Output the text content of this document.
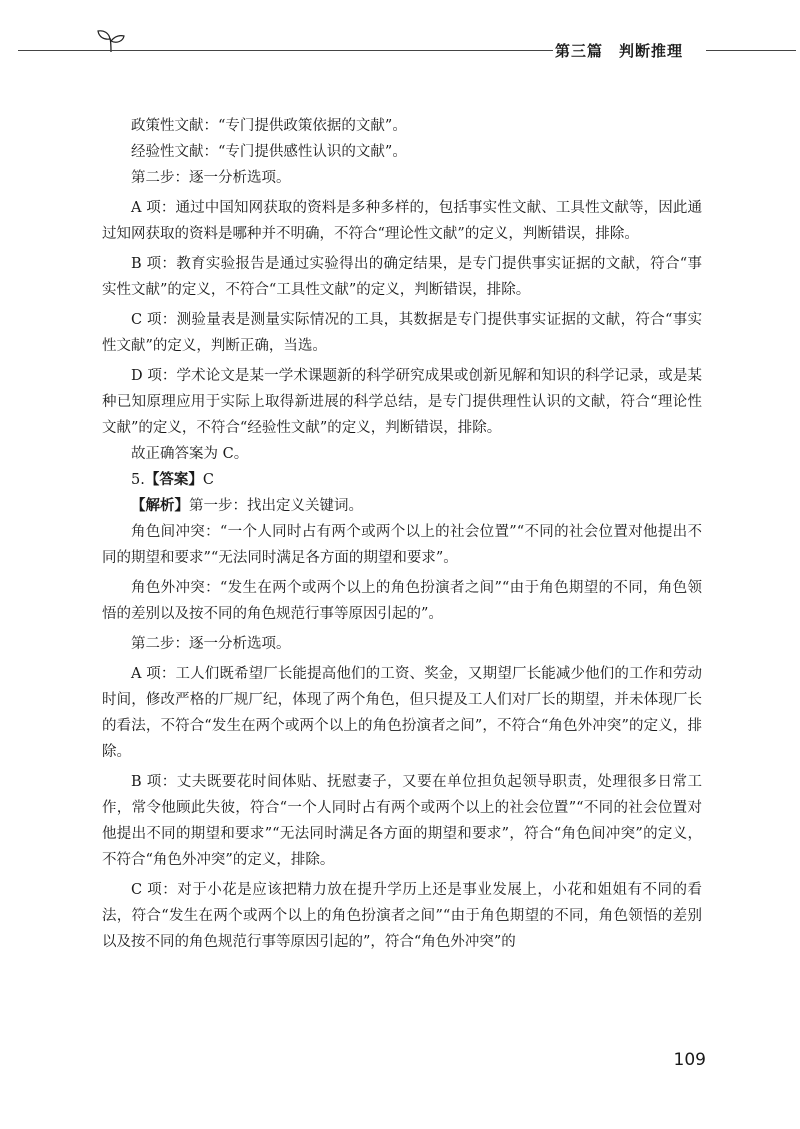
第三篇　判断推理

政策性文献：“专门提供政策依据的文献”。

经验性文献：“专门提供感性认识的文献”。

第二步：逐一分析选项。

A 项：通过中国知网获取的资料是多种多样的，包括事实性文献、工具性文献等，因此通过知网获取的资料是哪种并不明确，不符合“理论性文献”的定义，判断错误，排除。

B 项：教育实验报告是通过实验得出的确定结果，是专门提供事实证据的文献，符合“事实性文献”的定义，不符合“工具性文献”的定义，判断错误，排除。

C 项：测验量表是测量实际情况的工具，其数据是专门提供事实证据的文献，符合“事实性文献”的定义，判断正确，当选。

D 项：学术论文是某一学术课题新的科学研究成果或创新见解和知识的科学记录，或是某种已知原理应用于实际上取得新进展的科学总结，是专门提供理性认识的文献，符合“理论性文献”的定义，不符合“经验性文献”的定义，判断错误，排除。

故正确答案为 C。

5.【答案】C

【解析】第一步：找出定义关键词。

角色间冲突：“一个人同时占有两个或两个以上的社会位置”“不同的社会位置对他提出不同的期望和要求”“无法同时满足各方面的期望和要求”。

角色外冲突：“发生在两个或两个以上的角色扮演者之间”“由于角色期望的不同，角色领悟的差别以及按不同的角色规范行事等原因引起的”。

第二步：逐一分析选项。

A 项：工人们既希望厂长能提高他们的工资、奖金，又期望厂长能减少他们的工作和劳动时间，修改严格的厂规厂纪，体现了两个角色，但只提及工人们对厂长的期望，并未体现厂长的看法，不符合“发生在两个或两个以上的角色扮演者之间”，不符合“角色外冲突”的定义，排除。

B 项：丈夫既要花时间体贴、抚慰妻子，又要在单位担负起领导职责，处理很多日常工作，常令他顾此失彼，符合“一个人同时占有两个或两个以上的社会位置”“不同的社会位置对他提出不同的期望和要求”“无法同时满足各方面的期望和要求”，符合“角色间冲突”的定义，不符合“角色外冲突”的定义，排除。

C 项：对于小花是应该把精力放在提升学历上还是事业发展上，小花和姐姐有不同的看法，符合“发生在两个或两个以上的角色扮演者之间”“由于角色期望的不同，角色领悟的差别以及按不同的角色规范行事等原因引起的”，符合“角色外冲突”的

109
